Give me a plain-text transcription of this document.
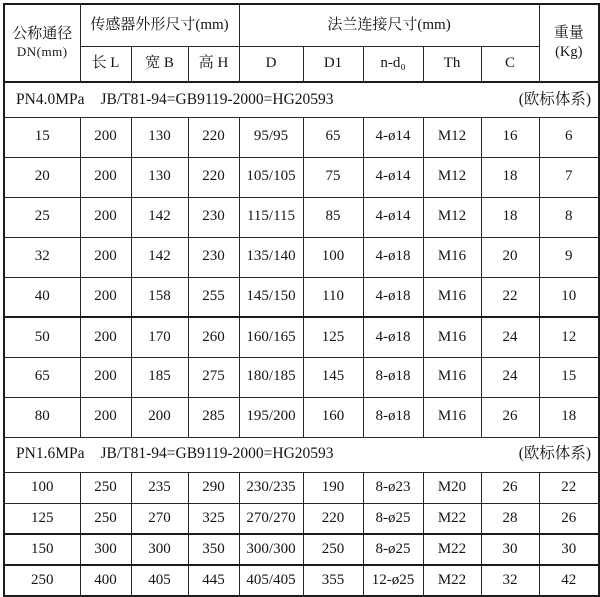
公称通径
DN(mm)
	传感器外形尺寸(mm)	法兰连接尺寸(mm)	
重量
(Kg)

	长 L	宽 B	高 H	D	D1	n-d₀	Th	C	

PN4.0MPa JB/T81-94=GB9119-2000=HG20593 (欧标体系)									

15	200	130	220	95/95	65	4-ø14	M12	16	6
20	200	130	220	105/105	75	4-ø14	M12	18	7
25	200	142	230	115/115	85	4-ø14	M12	18	8
32	200	142	230	135/140	100	4-ø18	M16	20	9
40	200	158	255	145/150	110	4-ø18	M16	22	10
50	200	170	260	160/165	125	4-ø18	M16	24	12
65	200	185	275	180/185	145	8-ø18	M16	24	15
80	200	200	285	195/200	160	8-ø18	M16	26	18

PN1.6MPa JB/T81-94=GB9119-2000=HG20593 (欧标体系)									

100	250	235	290	230/235	190	8-ø23	M20	26	22
125	250	270	325	270/270	220	8-ø25	M22	28	26
150	300	300	350	300/300	250	8-ø25	M22	30	30
250	400	405	445	405/405	355	12-ø25	M22	32	42
